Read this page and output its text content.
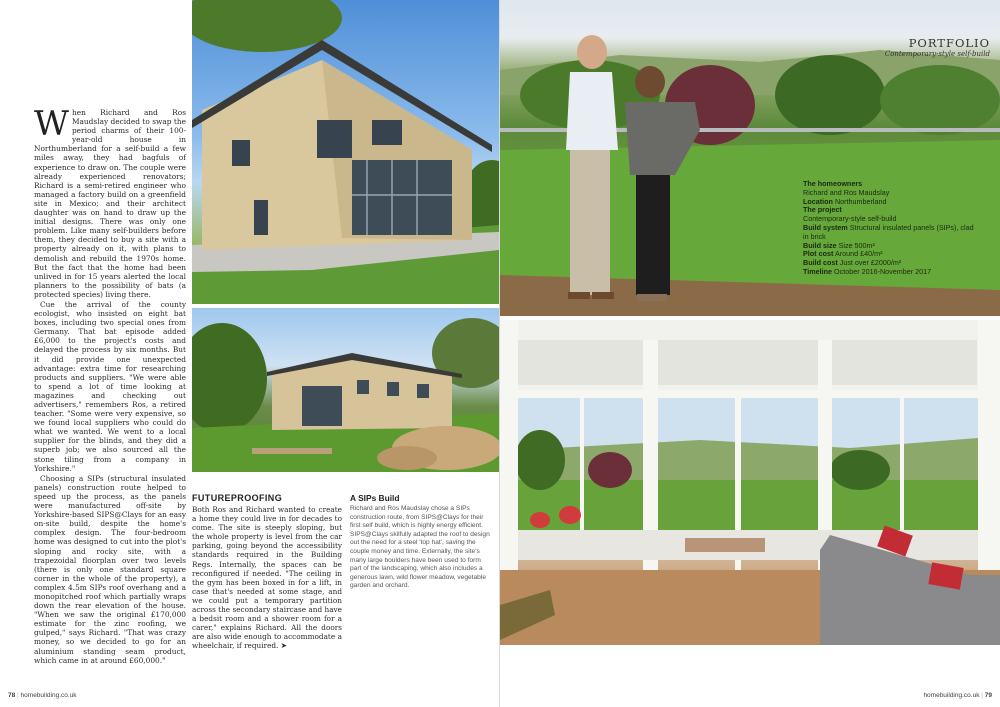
When Richard and Ros Maudslay decided to swap the period charms of their 100-year-old house in Northumberland for a self-build a few miles away, they had bagfuls of experience to draw on. The couple were already experienced renovators; Richard is a semi-retired engineer who managed a factory build on a greenfield site in Mexico; and their architect daughter was on hand to draw up the initial designs. There was only one problem. Like many self-builders before them, they decided to buy a site with a property already on it, with plans to demolish and rebuild the 1970s home. But the fact that the home had been unlived in for 15 years alerted the local planners to the possibility of bats (a protected species) living there.

Cue the arrival of the county ecologist, who insisted on eight bat boxes, including two special ones from Germany. That bat episode added £6,000 to the project's costs and delayed the process by six months. But it did provide one unexpected advantage: extra time for researching products and suppliers. "We were able to spend a lot of time looking at magazines and checking out advertisers," remembers Ros, a retired teacher. "Some were very expensive, so we found local suppliers who could do what we wanted. We went to a local supplier for the blinds, and they did a superb job; we also sourced all the stone tiling from a company in Yorkshire."

Choosing a SIPs (structural insulated panels) construction route helped to speed up the process, as the panels were manufactured off-site by Yorkshire-based SIPS@Clays for an easy on-site build, despite the home's complex design. The four-bedroom home was designed to cut into the plot's sloping and rocky site, with a trapezoidal floorplan over two levels (there is only one standard square corner in the whole of the property), a complex 4.5m SIPs roof overhang and a monopitched roof which partially wraps down the rear elevation of the house. "When we saw the original £170,000 estimate for the zinc roofing, we gulped," says Richard. "That was crazy money, so we decided to go for an aluminium standing seam product, which came in at around £60,000."

FUTUREPROOFING
Both Ros and Richard wanted to create a home they could live in for decades to come. The site is steeply sloping, but the whole property is level from the car parking, going beyond the accessibility standards required in the Building Regs. Internally, the spaces can be reconfigured if needed. "The ceiling in the gym has been boxed in for a lift, in case that's needed at some stage, and we could put a temporary partition across the secondary staircase and have a bedsit room and a shower room for a carer," explains Richard. All the doors are also wide enough to accommodate a wheelchair, if required. ➤
A SIPs Build

Richard and Ros Maudslay chose a SIPs construction route, from SIPS@Clays for their first self build, which is highly energy efficient. SIPS@Clays skilfully adapted the roof to design out the need for a steel 'top hat', saving the couple money and time. Externally, the site's many large boulders have been used to form part of the landscaping, which also includes a generous lawn, wild flower meadow, vegetable garden and orchard.

78 | homebuilding.co.uk
PORTFOLIO
Contemporary-style self-build
The homeowners
Richard and Ros Maudslay
Location Northumberland
The project
Contemporary-style self-build
Build system Structural insulated panels (SIPs), clad in brick
Build size Size 500m²
Plot cost Around £40/m²
Build cost Just over £2000/m²
Timeline October 2016-November 2017
homebuilding.co.uk | 79
